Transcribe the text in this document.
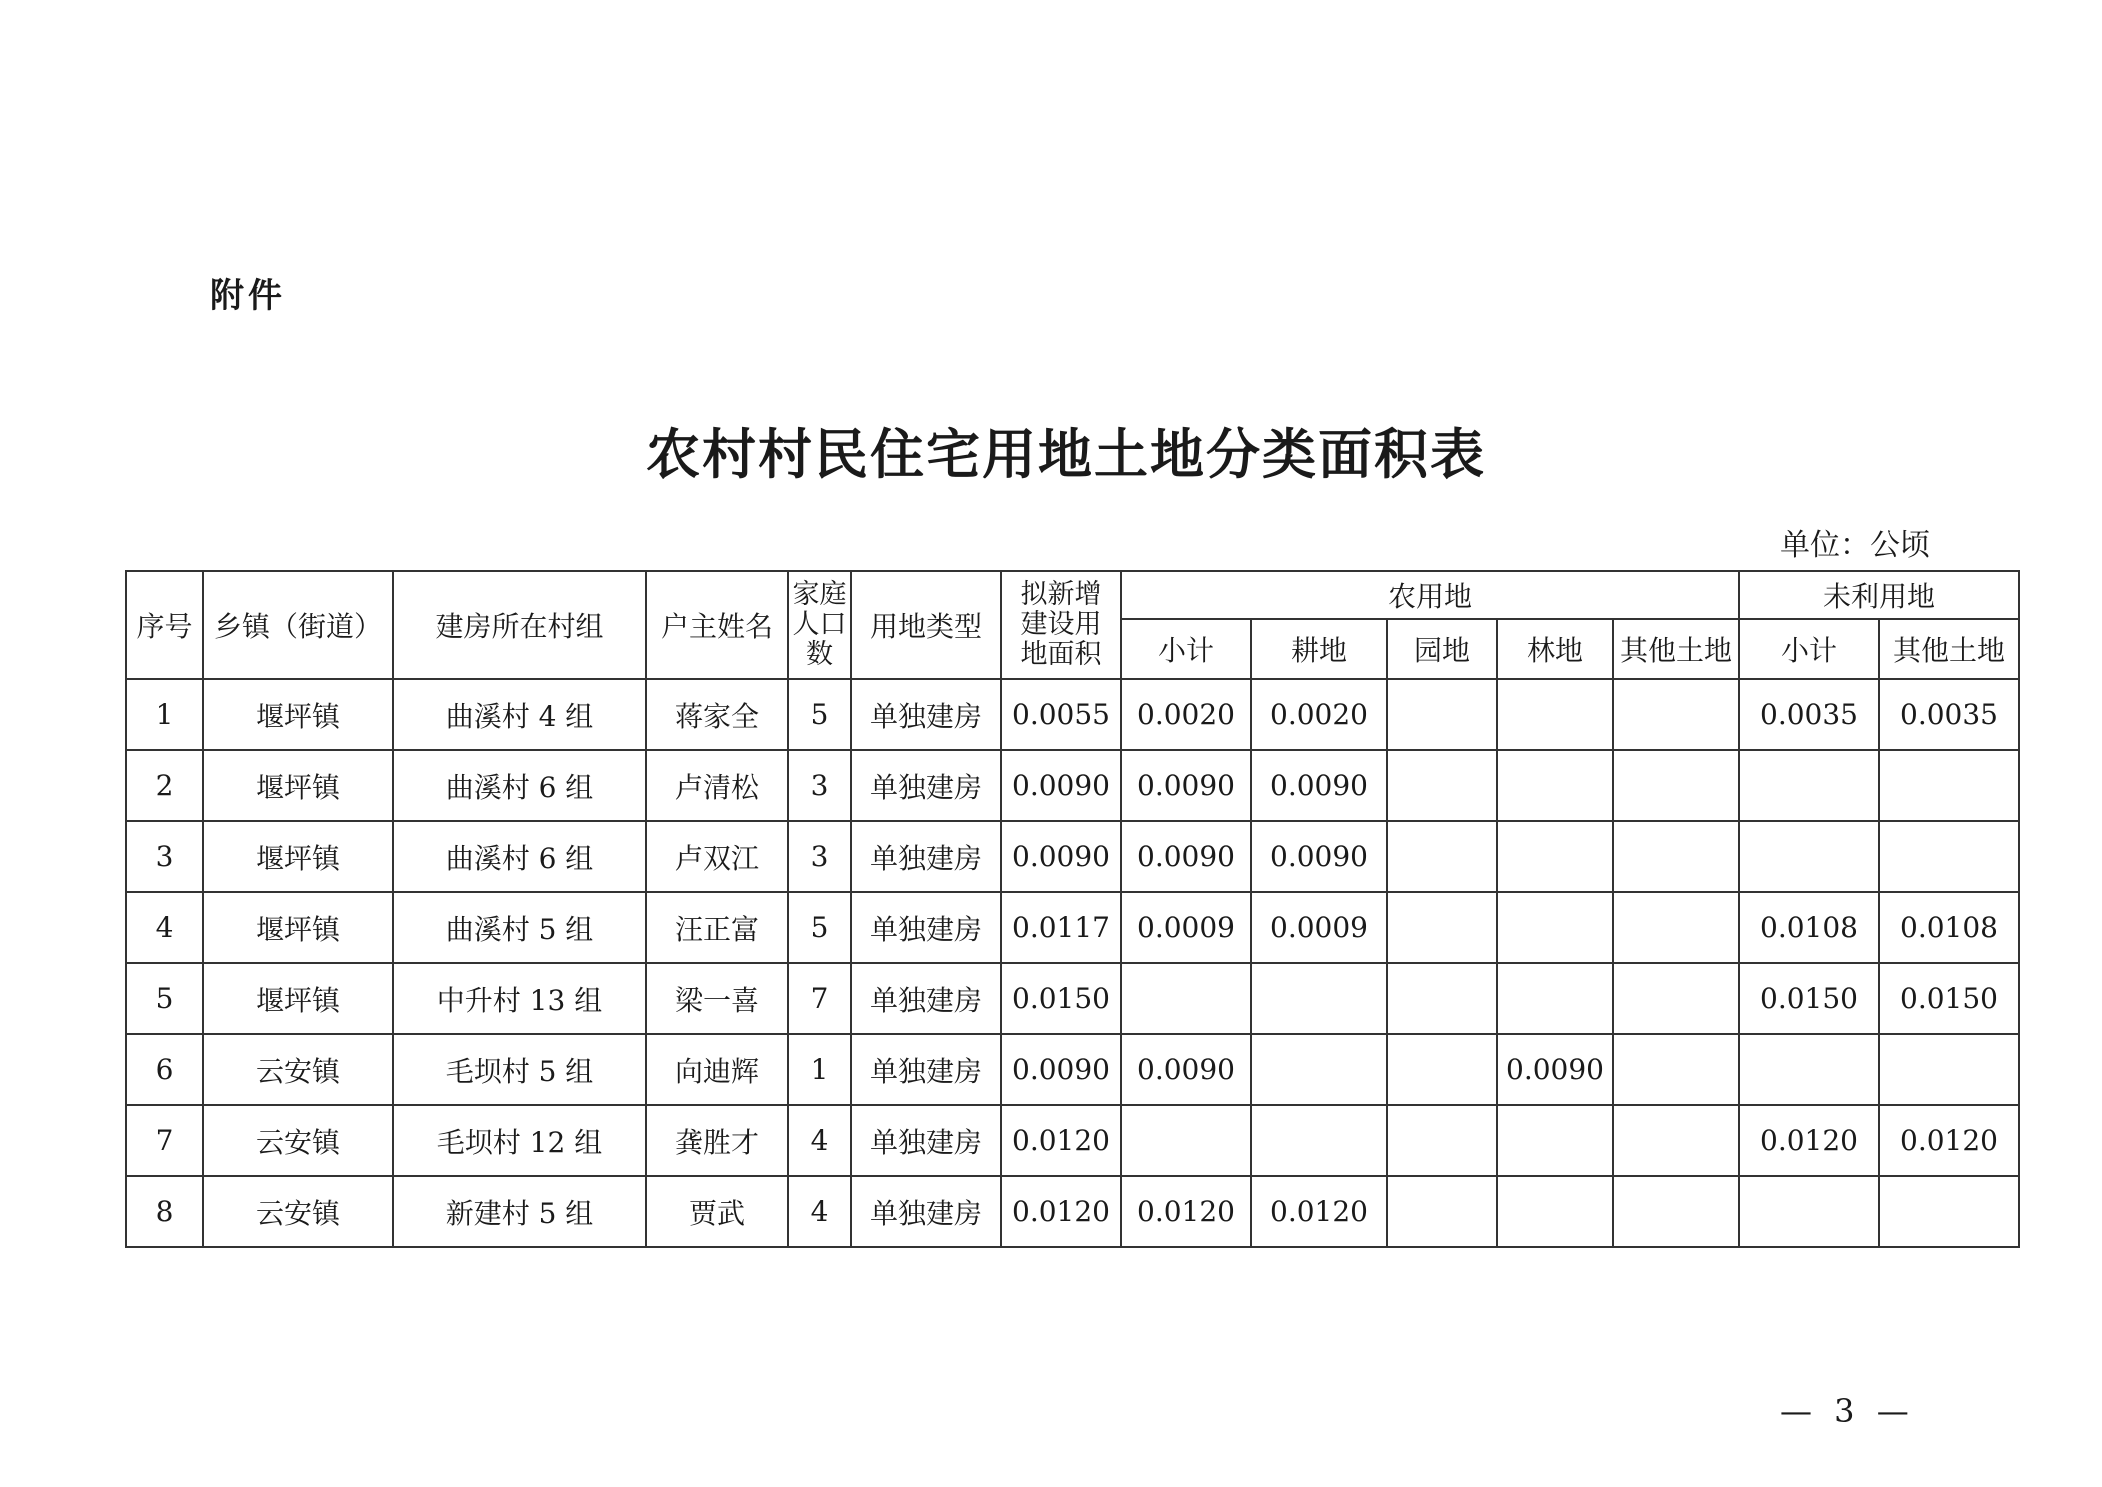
附件
农村村民住宅用地土地分类面积表
单位：公顷
序号	乡镇（街道）	建房所在村组	户主姓名	家庭人口数	用地类型	拟新增建设用地面积	农用地					未利用地	
							小计	耕地	园地	林地	其他土地	小计	其他土地
1	堰坪镇	曲溪村 4 组	蒋家全	5	单独建房	0.0055	0.0020	0.0020				0.0035	0.0035
2	堰坪镇	曲溪村 6 组	卢清松	3	单独建房	0.0090	0.0090	0.0090					
3	堰坪镇	曲溪村 6 组	卢双江	3	单独建房	0.0090	0.0090	0.0090					
4	堰坪镇	曲溪村 5 组	汪正富	5	单独建房	0.0117	0.0009	0.0009				0.0108	0.0108
5	堰坪镇	中升村 13 组	梁一喜	7	单独建房	0.0150						0.0150	0.0150
6	云安镇	毛坝村 5 组	向迪辉	1	单独建房	0.0090	0.0090			0.0090			
7	云安镇	毛坝村 12 组	龚胜才	4	单独建房	0.0120						0.0120	0.0120
8	云安镇	新建村 5 组	贾武	4	单独建房	0.0120	0.0120	0.0120					
— 3 —
